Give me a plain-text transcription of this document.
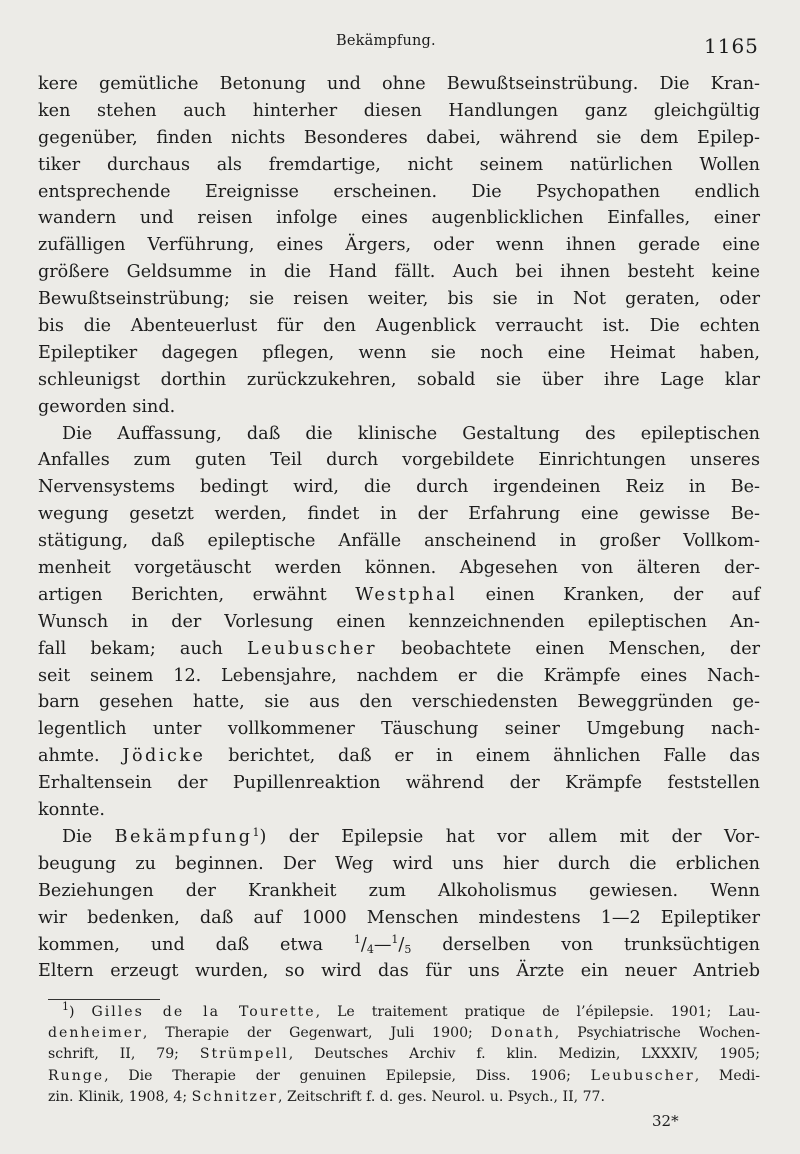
Bekämpfung.	1165
kere gemütliche Betonung und ohne Bewußtseinstrübung. Die Kran-
ken stehen auch hinterher diesen Handlungen ganz gleichgültig
gegenüber, finden nichts Besonderes dabei, während sie dem Epilep-
tiker durchaus als fremdartige, nicht seinem natürlichen Wollen
entsprechende Ereignisse erscheinen. Die Psychopathen endlich
wandern und reisen infolge eines augenblicklichen Einfalles, einer
zufälligen Verführung, eines Ärgers, oder wenn ihnen gerade eine
größere Geldsumme in die Hand fällt. Auch bei ihnen besteht keine
Bewußtseinstrübung; sie reisen weiter, bis sie in Not geraten, oder
bis die Abenteuerlust für den Augenblick verraucht ist. Die echten
Epileptiker dagegen pflegen, wenn sie noch eine Heimat haben,
schleunigst dorthin zurückzukehren, sobald sie über ihre Lage klar
geworden sind.
Die Auffassung, daß die klinische Gestaltung des epileptischen
Anfalles zum guten Teil durch vorgebildete Einrichtungen unseres
Nervensystems bedingt wird, die durch irgendeinen Reiz in Be-
wegung gesetzt werden, findet in der Erfahrung eine gewisse Be-
stätigung, daß epileptische Anfälle anscheinend in großer Vollkom-
menheit vorgetäuscht werden können. Abgesehen von älteren der-
artigen Berichten, erwähnt Westphal einen Kranken, der auf
Wunsch in der Vorlesung einen kennzeichnenden epileptischen An-
fall bekam; auch Leubuscher beobachtete einen Menschen, der
seit seinem 12. Lebensjahre, nachdem er die Krämpfe eines Nach-
barn gesehen hatte, sie aus den verschiedensten Beweggründen ge-
legentlich unter vollkommener Täuschung seiner Umgebung nach-
ahmte. Jödicke berichtet, daß er in einem ähnlichen Falle das
Erhaltensein der Pupillenreaktion während der Krämpfe feststellen
konnte.
Die Bekämpfung$^1$) der Epilepsie hat vor allem mit der Vor-
beugung zu beginnen. Der Weg wird uns hier durch die erblichen
Beziehungen der Krankheit zum Alkoholismus gewiesen. Wenn
wir bedenken, daß auf 1000 Menschen mindestens 1—2 Epileptiker
kommen, und daß etwa	$^1/_4—^1/_5$ derselben von trunksüchtigen
Eltern erzeugt wurden, so wird das für uns Ärzte ein neuer Antrieb
$^1$) Gilles de la Tourette, Le traitement pratique de l’épilepsie. 1901; Lau-
denheimer, Therapie der Gegenwart, Juli 1900; Donath, Psychiatrische Wochen-
schrift, II, 79; Strümpell, Deutsches Archiv f. klin. Medizin, LXXXIV, 1905;
Runge, Die Therapie der genuinen Epilepsie, Diss. 1906; Leubuscher, Medi-
zin. Klinik, 1908, 4; Schnitzer, Zeitschrift f. d. ges. Neurol. u. Psych., II, 77.
32*
